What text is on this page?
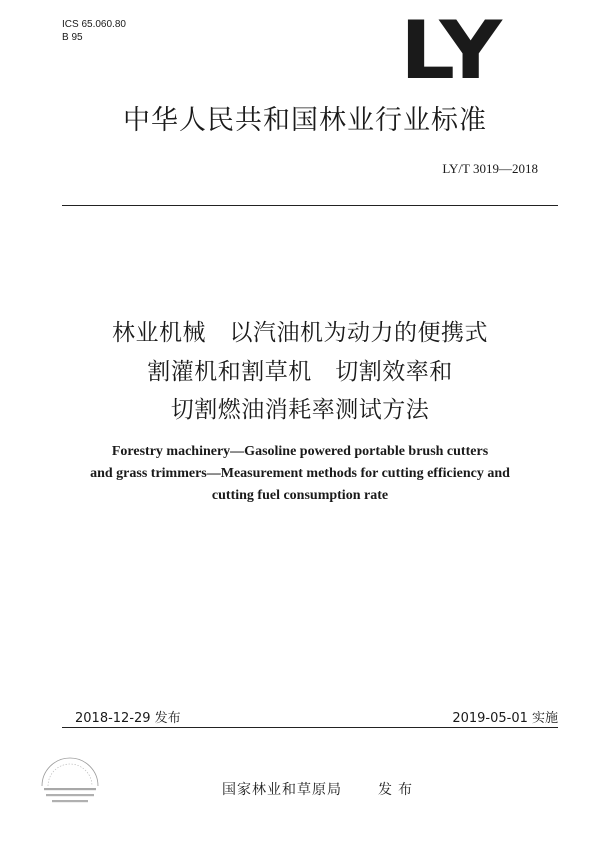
ICS 65.060.80
B 95	LY
中华人民共和国林业行业标准
LY/T 3019—2018
林业机械　以汽油机为动力的便携式
割灌机和割草机　切割效率和
切割燃油消耗率测试方法
Forestry machinery—Gasoline powered portable brush cutters
and grass trimmers—Measurement methods for cutting efficiency and
cutting fuel consumption rate
2018-12-29 发布	2019-05-01 实施
国家林业和草原局	发布
